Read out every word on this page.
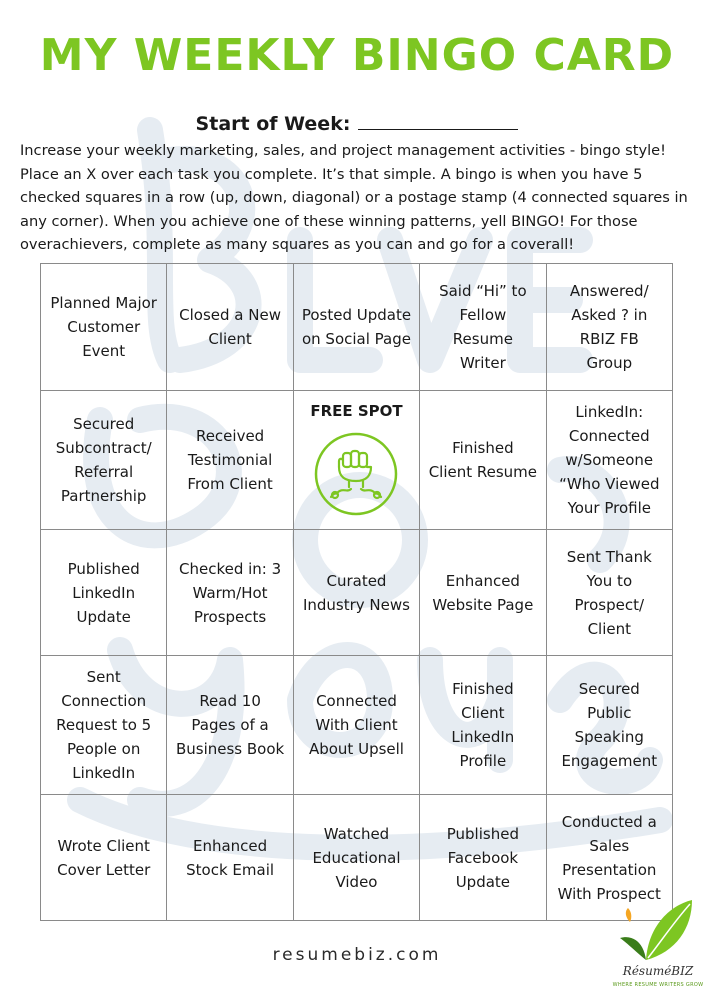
MY WEEKLY BINGO CARD
Start of Week:
Increase your weekly marketing, sales, and project management activities - bingo style! Place an X over each task you complete. It’s that simple. A bingo is when you have 5 checked squares in a row (up, down, diagonal) or a postage stamp (4 connected squares in any corner). When you achieve one of these winning patterns, yell BINGO! For those overachievers, complete as many squares as you can and go for a coverall!
Planned Major Customer Event	Closed a New Client	Posted Update on Social Page	Said “Hi” to Fellow Resume Writer	Answered/ Asked ? in RBIZ FB Group
Secured Subcontract/ Referral Partnership	Received Testimonial From Client	FREE SPOT	Finished Client Resume	LinkedIn: Connected w/Someone “Who Viewed Your Profile
Published LinkedIn Update	Checked in: 3 Warm/Hot Prospects	Curated Industry News	Enhanced Website Page	Sent Thank You to Prospect/ Client
Sent Connection Request to 5 People on LinkedIn	Read 10 Pages of a Business Book	Connected With Client About Upsell	Finished Client LinkedIn Profile	Secured Public Speaking Engagement
Wrote Client Cover Letter	Enhanced Stock Email	Watched Educational Video	Published Facebook Update	Conducted a Sales Presentation With Prospect
resumebiz.com
RésuméBIZ
WHERE RESUME WRITERS GROW
